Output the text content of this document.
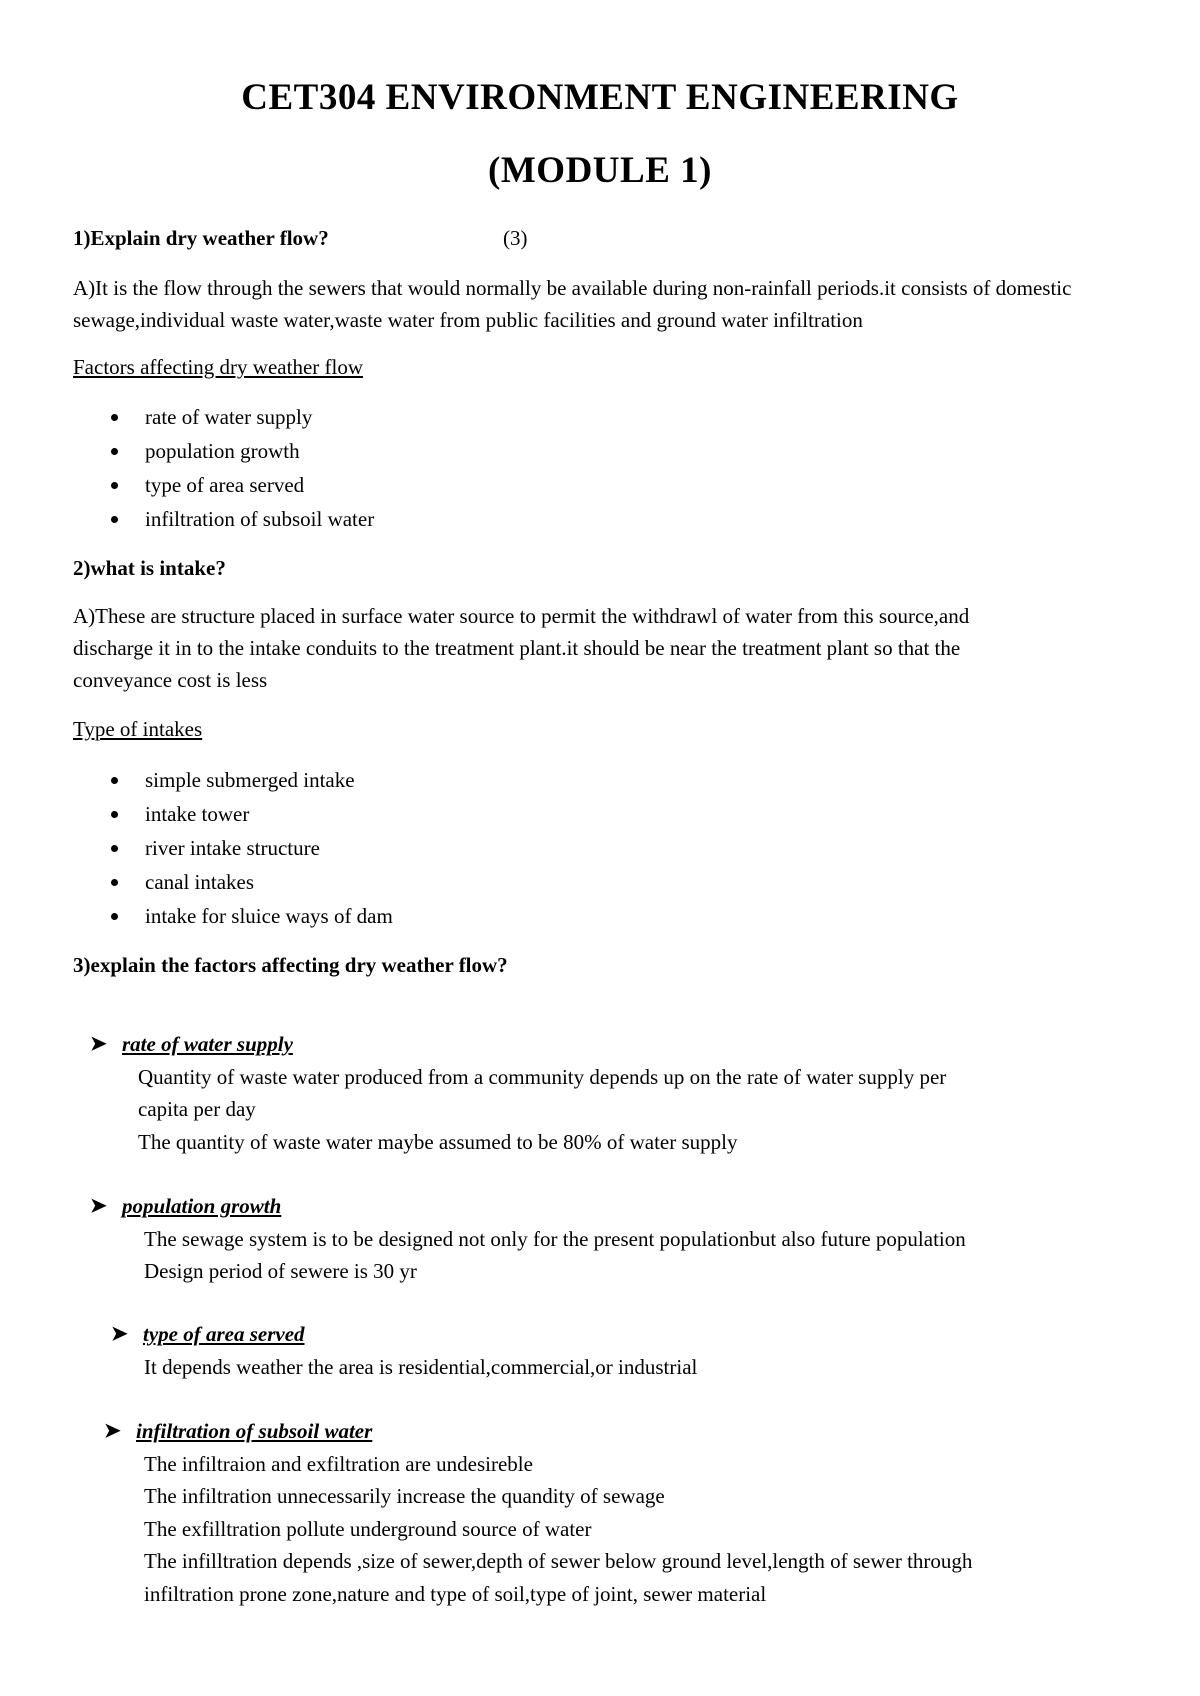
CET304 ENVIRONMENT ENGINEERING
(MODULE 1)
1)Explain dry weather flow?	(3)
A)It is the flow through the sewers that would normally be available during non-rainfall periods.it consists of domestic sewage,individual waste water,waste water from public facilities and ground water infiltration
Factors affecting dry weather flow
rate of water supply
population growth
type of area served
infiltration of subsoil water
2)what is intake?
A)These are structure placed in surface water source to permit the withdrawl of water from this source,and
discharge it in to the intake conduits to the treatment plant.it should be near the treatment plant so that the
conveyance cost is less
Type of intakes
simple submerged intake
intake tower
river intake structure
canal intakes
intake for sluice ways of dam
3)explain the factors affecting dry weather flow?
➤ rate of water supply
Quantity of waste water produced from a community depends up on the rate of water supply per
capita per day
The quantity of waste water maybe assumed to be 80% of water supply
➤ population growth
The sewage system is to be designed not only for the present populationbut also future population
Design period of sewere is 30 yr
➤ type of area served
It depends weather the area is residential,commercial,or industrial
➤ infiltration of subsoil water
The infiltraion and exfiltration are undesireble
The infiltration unnecessarily increase the quandity of sewage
The exfilltration pollute underground source of water
The infilltration depends ,size of sewer,depth of sewer below ground level,length of sewer through
infiltration prone zone,nature and type of soil,type of joint, sewer material
